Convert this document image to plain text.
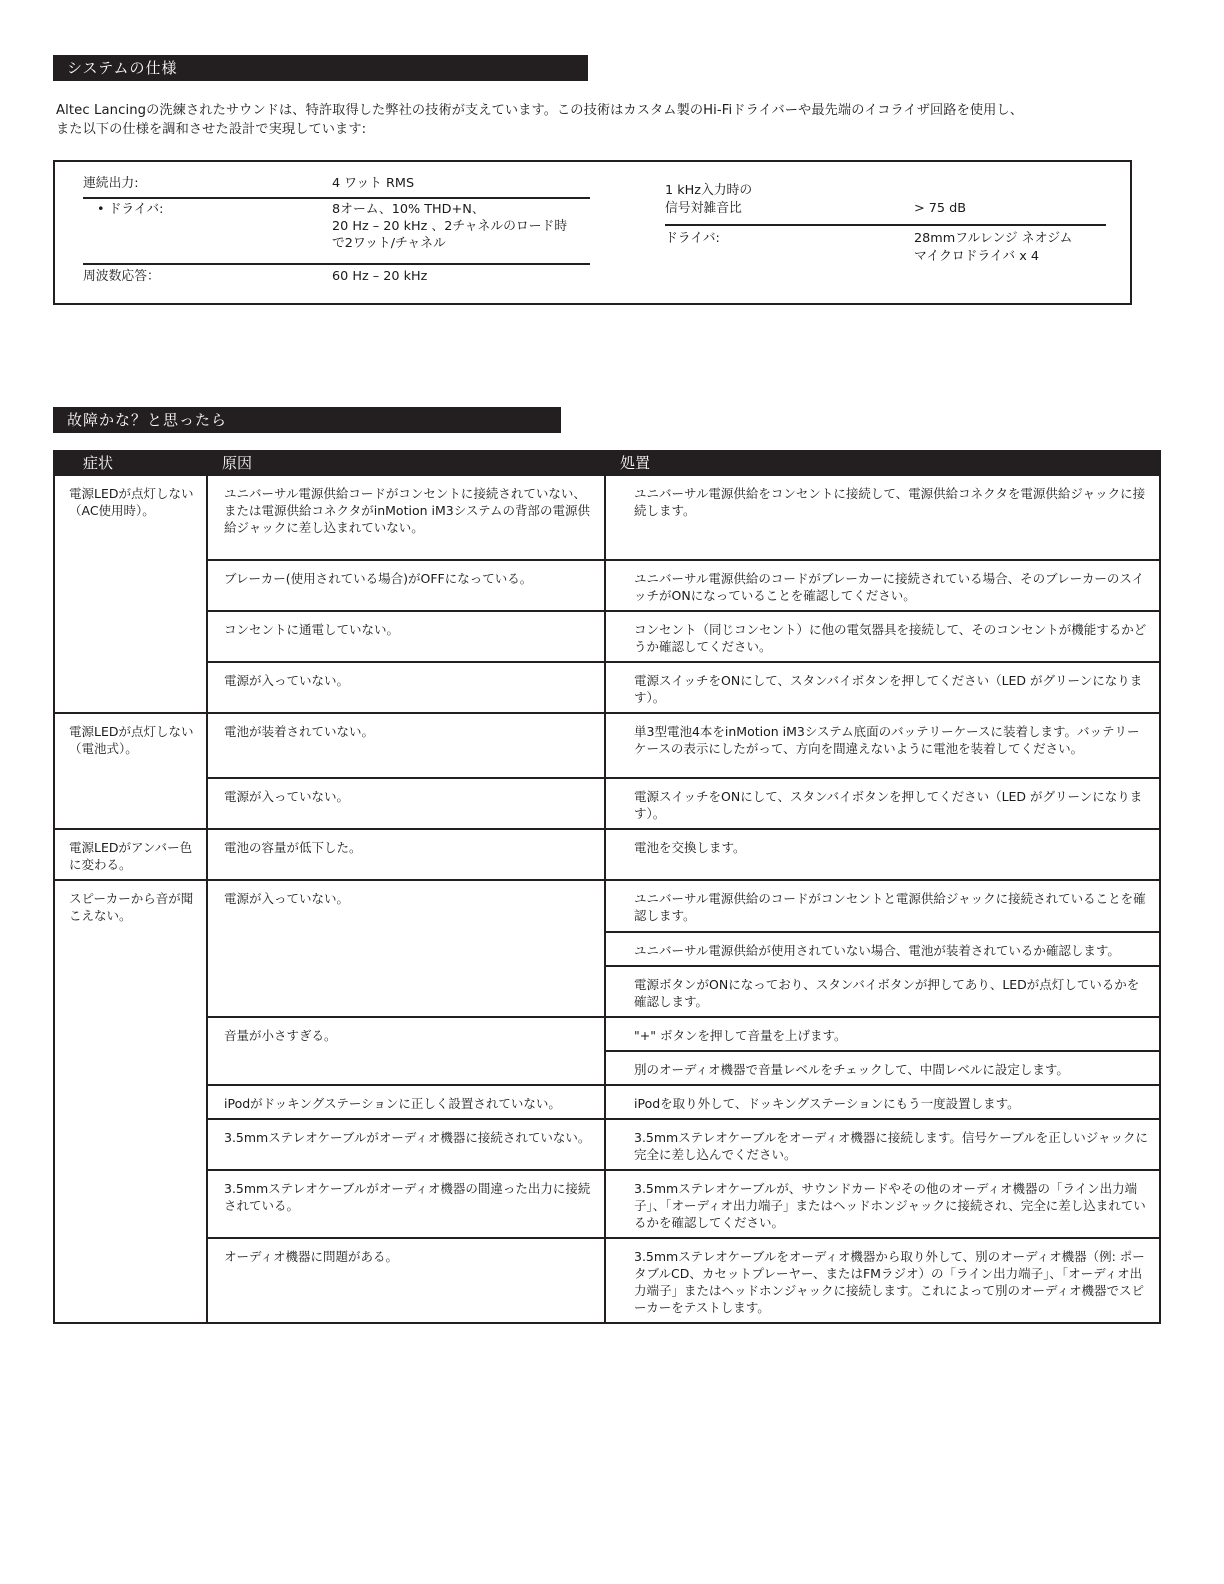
システムの仕様
Altec Lancingの洗練されたサウンドは、特許取得した弊社の技術が支えています。この技術はカスタム製のHi-Fiドライバーや最先端のイコライザ回路を使用し、
また以下の仕様を調和させた設計で実現しています:
連続出力:	4 ワット RMS
• ドライバ:	8オーム、10% THD+N、
20 Hz – 20 kHz 、2チャネルのロード時
で2ワット/チャネル
周波数応答：	60 Hz – 20 kHz
1 kHz入力時の
信号対雑音比	> 75 dB
ドライバ:	28mmフルレンジ ネオジム
マイクロドライバ x 4
故障かな？と思ったら
症状	原因	処置
電源LEDが点灯しない（AC使用時）。	ユニバーサル電源供給コードがコンセントに接続されていない、または電源供給コネクタがinMotion iM3システムの背部の電源供給ジャックに差し込まれていない。	ユニバーサル電源供給をコンセントに接続して、電源供給コネクタを電源供給ジャックに接続します。
	ブレーカー(使用されている場合)がOFFになっている。	ユニバーサル電源供給のコードがブレーカーに接続されている場合、そのブレーカーのスイッチがONになっていることを確認してください。
	コンセントに通電していない。	コンセント（同じコンセント）に他の電気器具を接続して、そのコンセントが機能するかどうか確認してください。
	電源が入っていない。	電源スイッチをONにして、スタンバイボタンを押してください（LED がグリーンになります）。
電源LEDが点灯しない（電池式）。	電池が装着されていない。	単3型電池4本をinMotion iM3システム底面のバッテリーケースに装着します。バッテリーケースの表示にしたがって、方向を間違えないように電池を装着してください。
	電源が入っていない。	電源スイッチをONにして、スタンバイボタンを押してください（LED がグリーンになります）。
電源LEDがアンバー色に変わる。	電池の容量が低下した。	電池を交換します。
スピーカーから音が聞こえない。	電源が入っていない。	ユニバーサル電源供給のコードがコンセントと電源供給ジャックに接続されていることを確認します。
		ユニバーサル電源供給が使用されていない場合、電池が装着されているか確認します。
		電源ボタンがONになっており、スタンバイボタンが押してあり、LEDが点灯しているかを確認します。
	音量が小さすぎる。	"+" ボタンを押して音量を上げます。
		別のオーディオ機器で音量レベルをチェックして、中間レベルに設定します。
	iPodがドッキングステーションに正しく設置されていない。	iPodを取り外して、ドッキングステーションにもう一度設置します。
	3.5mmステレオケーブルがオーディオ機器に接続されていない。	3.5mmステレオケーブルをオーディオ機器に接続します。信号ケーブルを正しいジャックに完全に差し込んでください。
	3.5mmステレオケーブルがオーディオ機器の間違った出力に接続されている。	3.5mmステレオケーブルが、サウンドカードやその他のオーディオ機器の「ライン出力端子」、「オーディオ出力端子」またはヘッドホンジャックに接続され、完全に差し込まれているかを確認してください。
	オーディオ機器に問題がある。	3.5mmステレオケーブルをオーディオ機器から取り外して、別のオーディオ機器（例: ポータブルCD、カセットプレーヤー、またはFMラジオ）の「ライン出力端子」、「オーディオ出力端子」またはヘッドホンジャックに接続します。これによって別のオーディオ機器でスピーカーをテストします。
